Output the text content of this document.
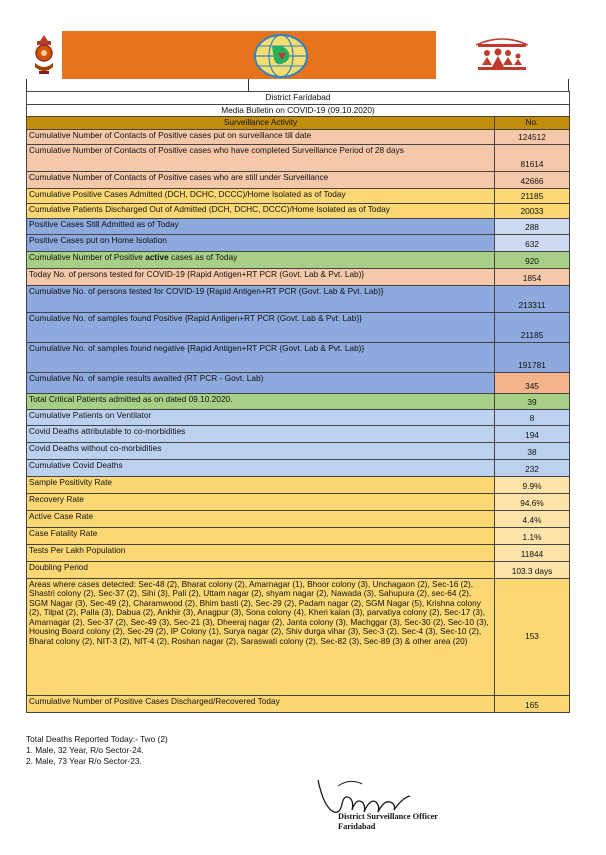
District Faridabad	
Media Bulletin on COVID-19 (09.10.2020)	
Surveillance Activity	No.
Cumulative Number of Contacts of Positive cases put on surveillance till date	124512
Cumulative Number of Contacts of Positive cases who have completed Surveillance Period of 28 days	81614
Cumulative Number of Contacts of Positive cases who are still under Surveillance	42666
Cumulative Positive Cases Admitted (DCH, DCHC, DCCC)/Home Isolated as of Today	21185
Cumulative Patients Discharged Out of Admitted (DCH, DCHC, DCCC)/Home Isolated as of Today	20033
Positive Cases Still Admitted as of Today	288
Positive Cases put on Home Isolation	632
Cumulative Number of Positive active cases as of Today	920
Today No. of persons tested for COVID-19 {Rapid Antigen+RT PCR (Govt. Lab & Pvt. Lab)}	1854
Cumulative No. of persons tested for COVID-19 {Rapid Antigen+RT PCR (Govt. Lab & Pvt. Lab)}	213311
Cumulative No. of samples found Positive {Rapid Antigen+RT PCR (Govt. Lab & Pvt. Lab)}	21185
Cumulative No. of samples found negative {Rapid Antigen+RT PCR (Govt. Lab & Pvt. Lab)}	191781
Cumulative No. of sample results awaited (RT PCR - Govt. Lab)	345
Total Critical Patients admitted as on dated 09.10.2020.	39
Cumulative Patients on Ventilator	8
Covid Deaths attributable to co-morbidities	194
Covid Deaths without co-morbidities	38
Cumulative Covid Deaths	232
Sample Positivity Rate	9.9%
Recovery Rate	94.6%
Active Case Rate	4.4%
Case Fatality Rate	1.1%
Tests Per Lakh Population	11844
Doubling Period	103.3 days
Areas where cases detected: Sec-48 (2), Bharat colony (2), Amarnagar (1), Bhoor colony (3), Unchagaon (2), Sec-16 (2), Shastri colony (2), Sec-37 (2), Sihi (3), Pali (2), Uttam nagar (2), shyam nagar (2), Nawada (3), Sahupura (2), sec-64 (2), SGM Nagar (3), Sec-49 (2), Charamwood (2), Bhim basti (2), Sec-29 (2), Padam nagar (2), SGM Nagar (5), Krishna colony (2), Tilpat (2), Palla (3), Dabua (2), Ankhir (3), Anagpur (3), Sona colony (4), Kheri kalan (3), parvatiya colony (2), Sec-17 (3), Amarnagar (2), Sec-37 (2), Sec-49 (3), Sec-21 (3), Dheeraj nagar (2), Janta colony (3), Machggar (3), Sec-30 (2), Sec-10 (3), Housing Board colony (2), Sec-29 (2), IP Colony (1), Surya nagar (2), Shiv durga vihar (3), Sec-3 (2), Sec-4 (3), Sec-10 (2), Bharat colony (2), NIT-3 (2), NIT-4 (2), Roshan nagar (2), Saraswati colony (2), Sec-82 (3), Sec-89 (3) & other area (20)	153
Cumulative Number of Positive Cases Discharged/Recovered Today	165
Total Deaths Reported Today:- Two (2)
1. Male, 32 Year, R/o Sector-24.
2. Male, 73 Year R/o Sector-23.
District Surveillance Officer
Faridabad
